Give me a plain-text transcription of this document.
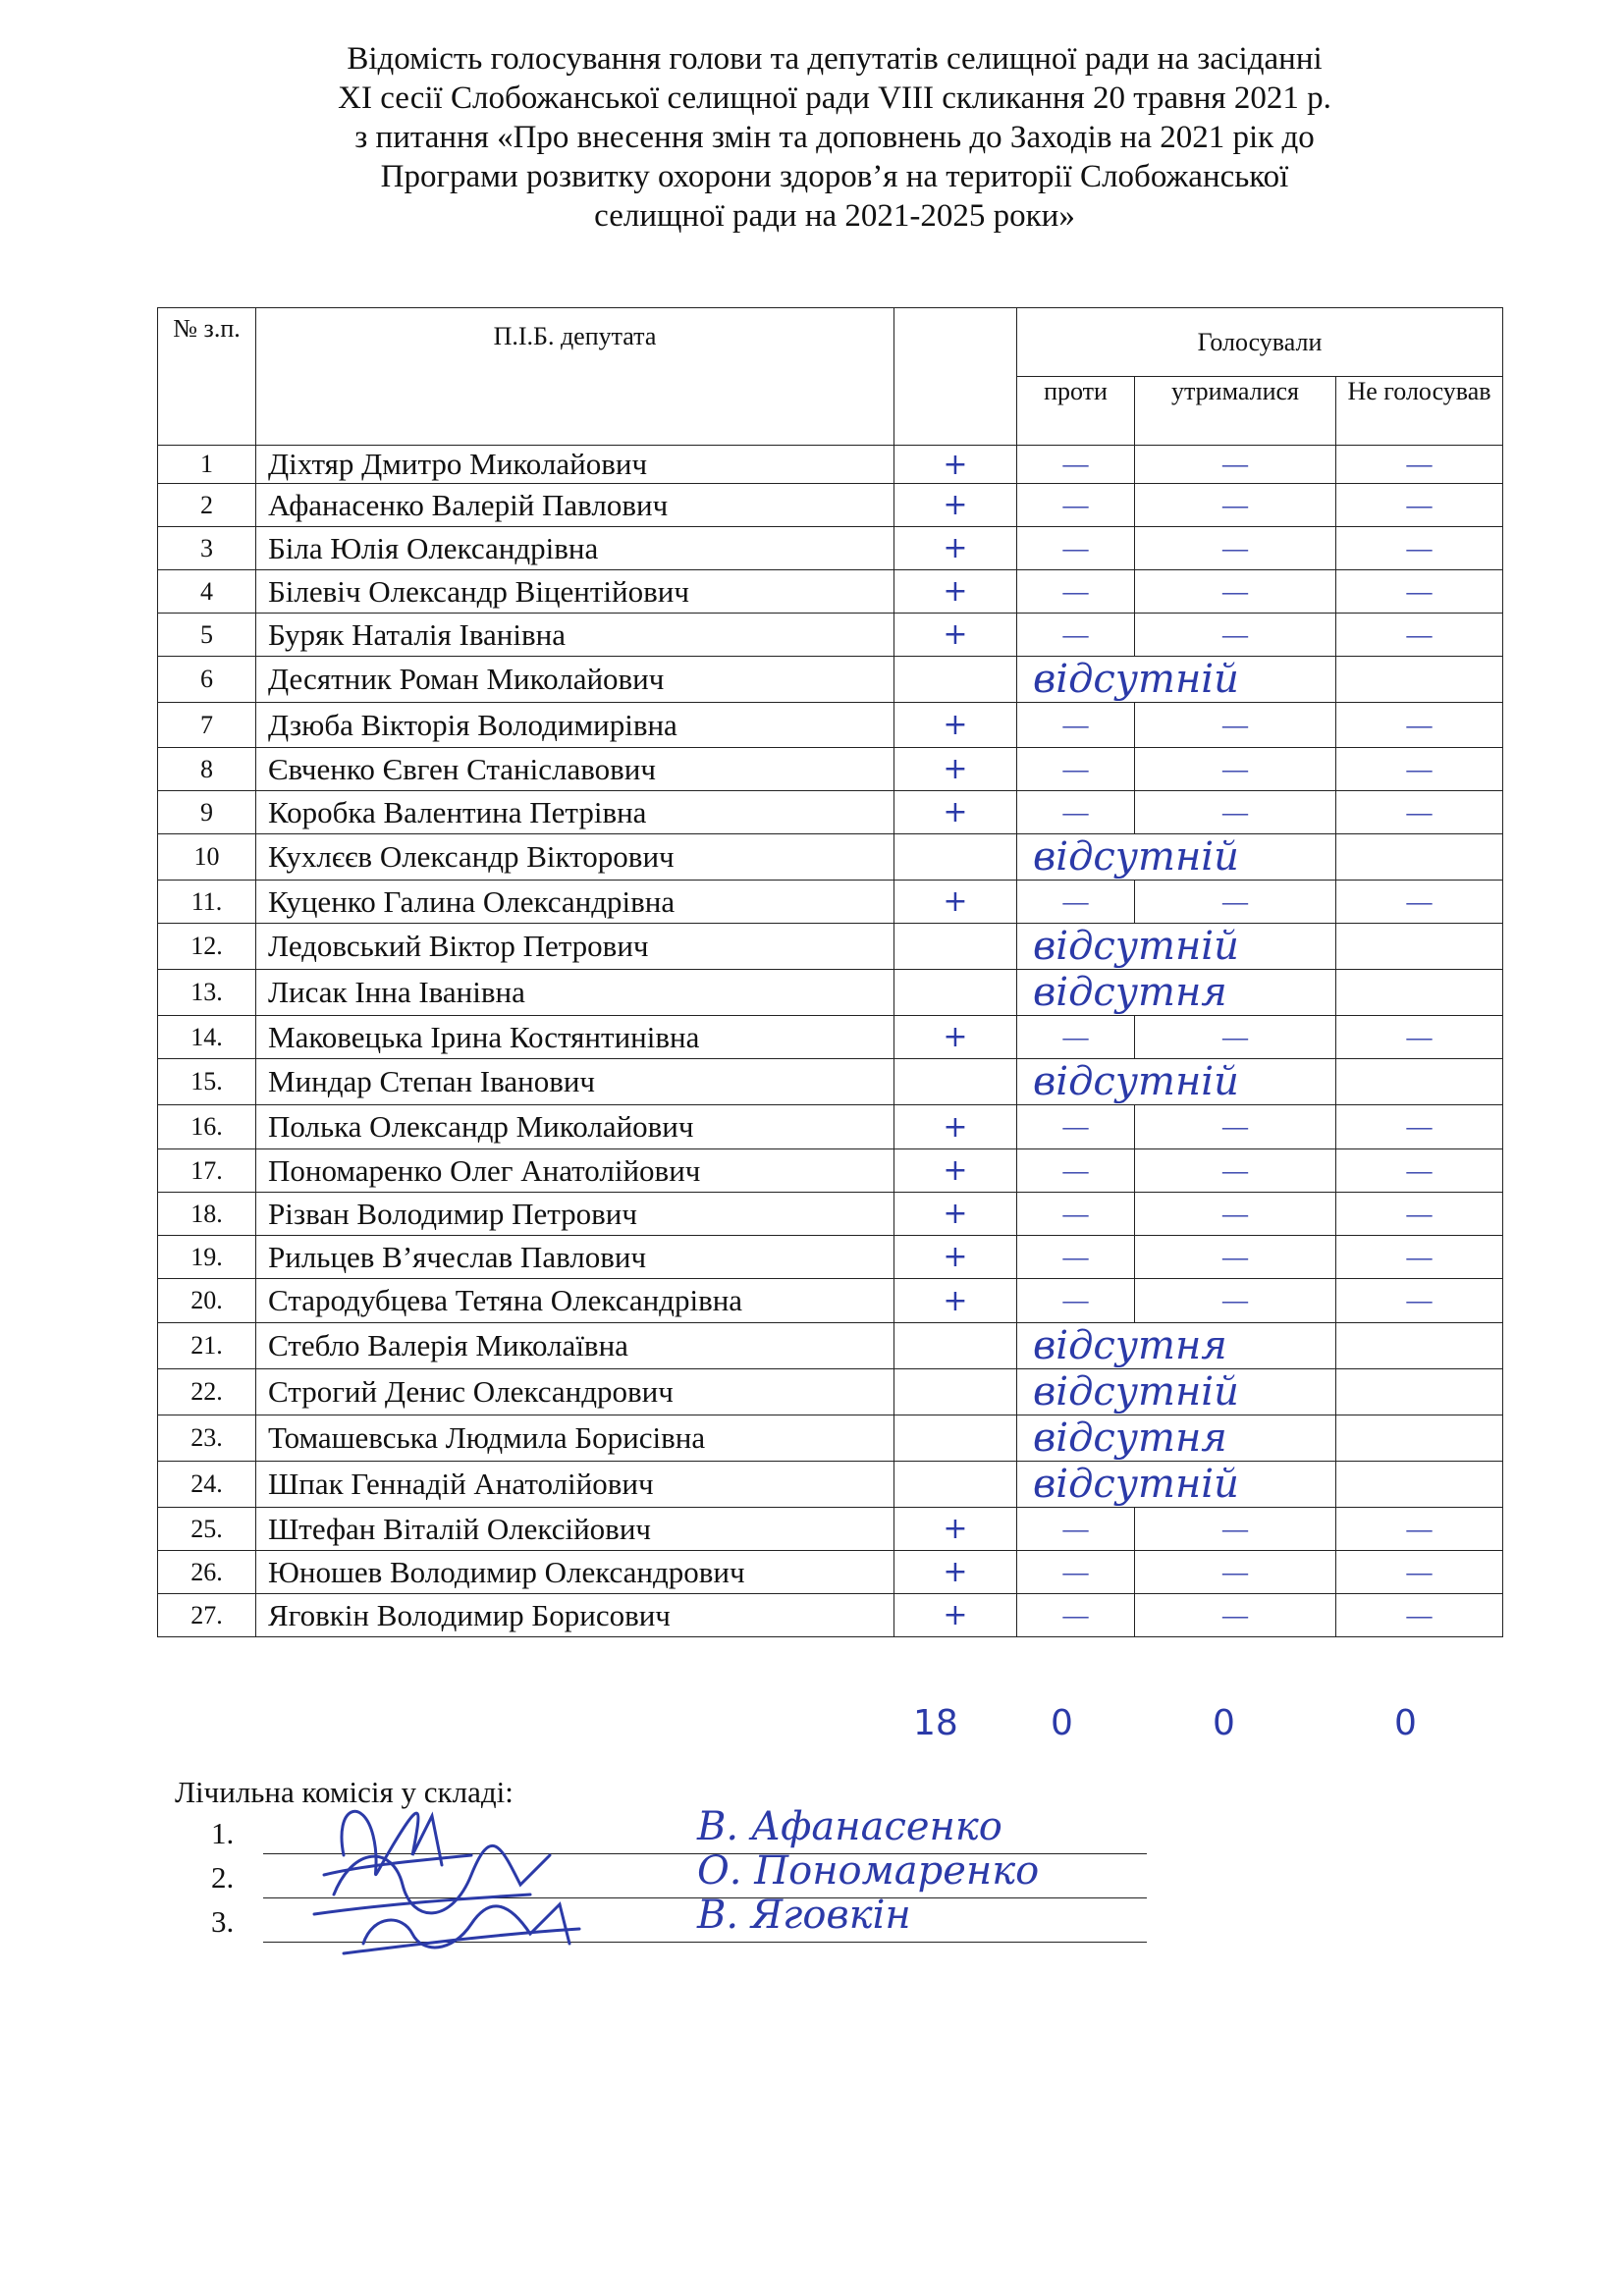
Відомість голосування голови та депутатів селищної ради на засіданні
XI сесії Слобожанської селищної ради VIII скликання 20 травня 2021 р.
з питання «Про внесення змін та доповнень до Заходів на 2021 рік до
Програми розвитку охорони здоров’я на території Слобожанської
селищної ради на 2021-2025 роки»
№ з.п.	П.І.Б. депутата		Голосували		
			проти	утрималися	Не голосував
1	Діхтяр Дмитро Миколайович	+	—	—	—
2	Афанасенко Валерій Павлович	+	—	—	—
3	Біла Юлія Олександрівна	+	—	—	—
4	Білевіч Олександр Віцентійович	+	—	—	—
5	Буряк Наталія Іванівна	+	—	—	—
6	Десятник Роман Миколайович		відсутній		
7	Дзюба Вікторія Володимирівна	+	—	—	—
8	Євченко Євген Станіславович	+	—	—	—
9	Коробка Валентина Петрівна	+	—	—	—
10	Кухлєєв Олександр Вікторович		відсутній		
11.	Куценко Галина Олександрівна	+	—	—	—
12.	Ледовський Віктор Петрович		відсутній		
13.	Лисак Інна Іванівна		відсутня		
14.	Маковецька Ірина Костянтинівна	+	—	—	—
15.	Миндар Степан Іванович		відсутній		
16.	Полька Олександр Миколайович	+	—	—	—
17.	Пономаренко Олег Анатолійович	+	—	—	—
18.	Різван Володимир Петрович	+	—	—	—
19.	Рильцев В’ячеслав Павлович	+	—	—	—
20.	Стародубцева Тетяна Олександрівна	+	—	—	—
21.	Стебло Валерія Миколаївна		відсутня		
22.	Строгий Денис Олександрович		відсутній		
23.	Томашевська Людмила Борисівна		відсутня		
24.	Шпак Геннадій Анатолійович		відсутній		
25.	Штефан Віталій Олексійович	+	—	—	—
26.	Юношев Володимир Олександрович	+	—	—	—
27.	Яговкін Володимир Борисович	+	—	—	—
18	0	0	0
Лічильна комісія у складі:
1.	В. Афанасенко
2.	О. Пономаренко
3.	В. Яговкін
